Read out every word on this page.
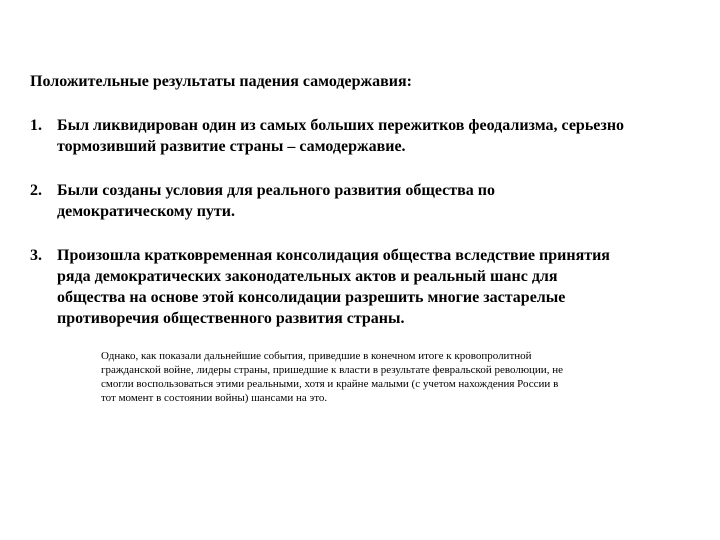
Положительные результаты падения самодержавия:
1. Был ликвидирован один из самых больших пережитков феодализма, серьезно
тормозивший развитие страны – самодержавие.
2. Были созданы условия для реального развития общества по
демократическому пути.
3. Произошла кратковременная консолидация общества вследствие принятия
ряда демократических законодательных актов и реальный шанс для
общества на основе этой консолидации разрешить многие застарелые
противоречия общественного развития страны.
Однако, как показали дальнейшие события, приведшие в конечном итоге к кровопролитной
гражданской войне, лидеры страны, пришедшие к власти в результате февральской революции, не
смогли воспользоваться этими реальными, хотя и крайне малыми (с учетом нахождения России в
тот момент в состоянии войны) шансами на это.
